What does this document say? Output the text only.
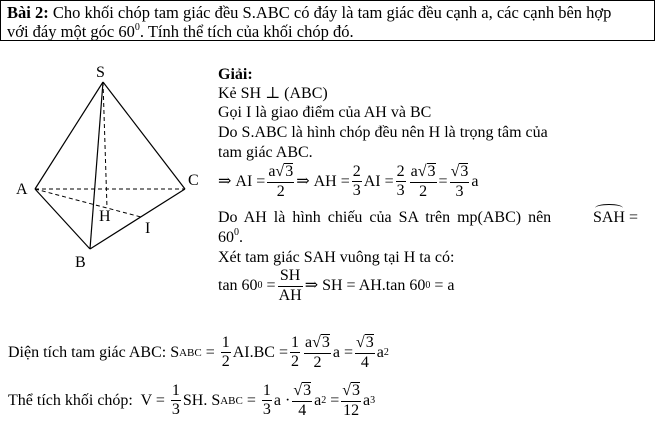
Bài 2: Cho khối chóp tam giác đều S.ABC có đáy là tam giác đều cạnh a, các cạnh bên hợp
với đáy một góc $60^0$. Tính thể tích của khối chóp đó.
S
A
C
H
I
B
Giải:
Kẻ SH ⊥ (ABC)
Gọi I là giao điểm của AH và BC
Do S.ABC là hình chóp đều nên H là trọng tâm của
tam giác ABC.
⇒
AI = $\frac{a√3}{2}$ ⇒
AH = $\frac{2}{3}$ AI = $\frac{2}{3} \frac{a√3}{2} = \frac{√3}{3}$ a
Do AH là hình chiếu của SA trên mp(ABC) nên	SAH =
$60^0$.
Xét tam giác SAH vuông tại H ta có:
tan 60 0
= $\frac{SH}{AH}$ ⇒ SH = AH.tan 60 0
= a
Diện tích tam giác ABC: S ABC
=
$\frac{1}{2} AI.BC = \frac{1}{2} \frac{a√3}{2}$ $a = \frac{√3}{4}$ a 2
Thể tích khối chóp:  V =
$\frac{1}{3}$ SH. S ABC
=
$\frac{1}{3}$ $a \cdot \frac{√3}{4}$ a 2
= $\frac{√3}{12}$ a 3
